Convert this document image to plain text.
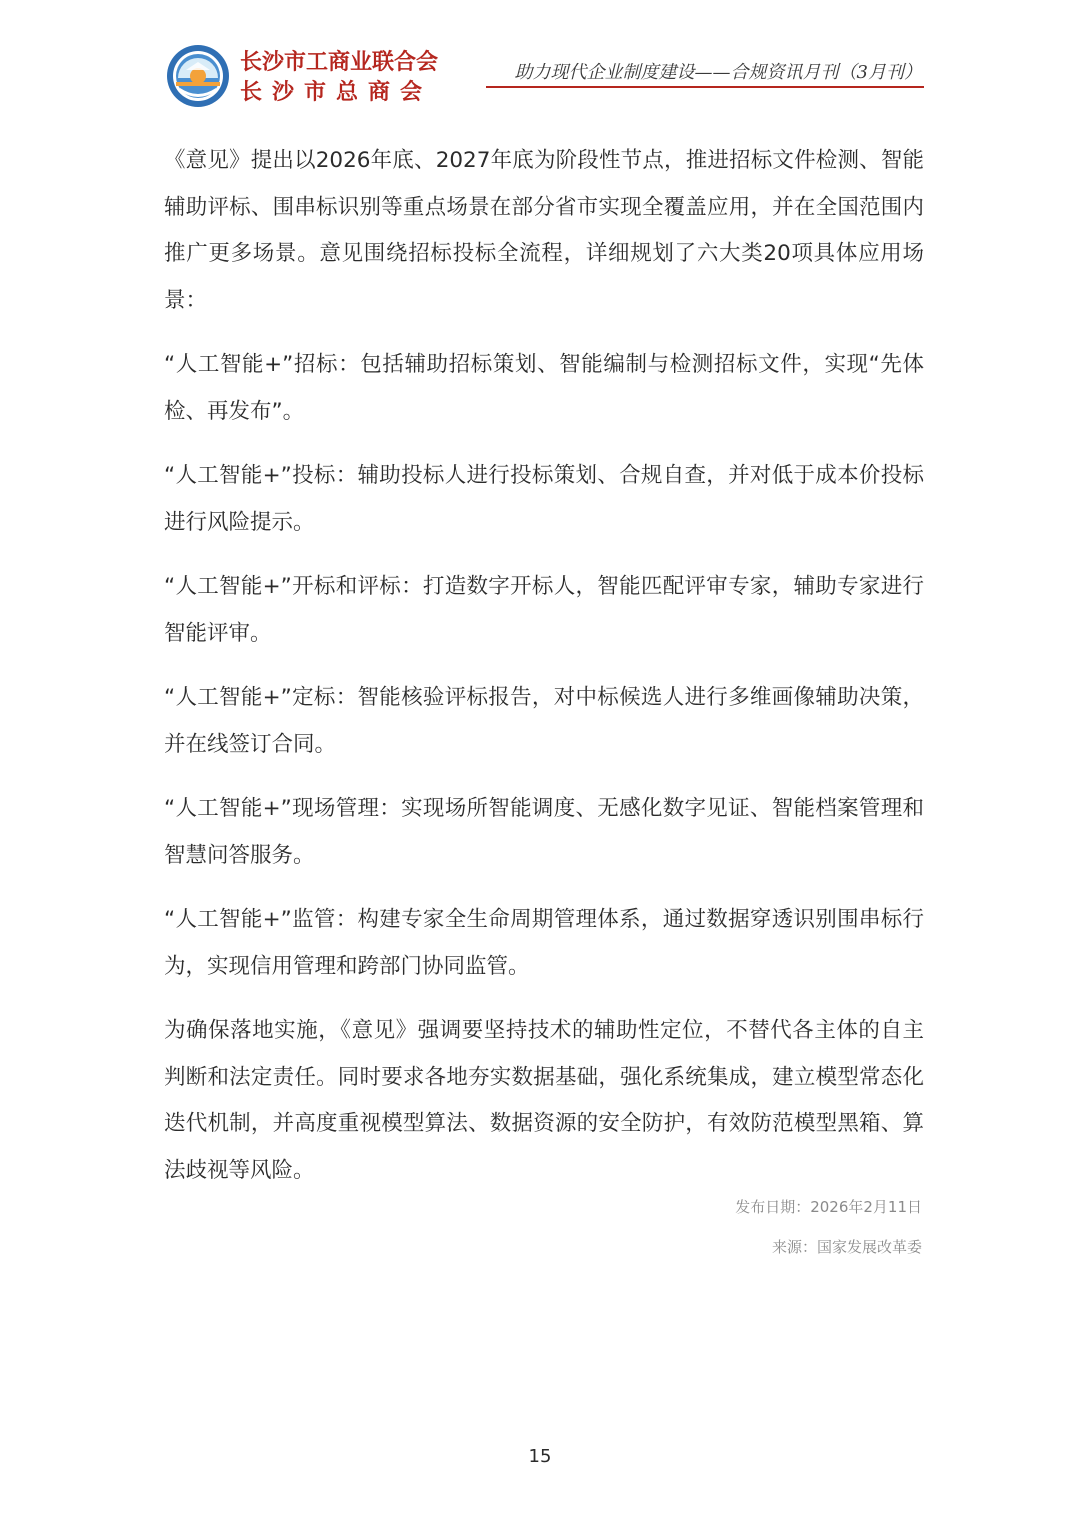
长沙市工商业联合会
长沙市总商会
助力现代企业制度建设——合规资讯月刊（3月刊）

《意见》提出以2026年底、2027年底为阶段性节点，推进招标文件检测、智能辅助评标、围串标识别等重点场景在部分省市实现全覆盖应用，并在全国范围内推广更多场景。意见围绕招标投标全流程，详细规划了六大类20项具体应用场景：

“人工智能+”招标：包括辅助招标策划、智能编制与检测招标文件，实现“先体检、再发布”。

“人工智能+”投标：辅助投标人进行投标策划、合规自查，并对低于成本价投标进行风险提示。

“人工智能+”开标和评标：打造数字开标人，智能匹配评审专家，辅助专家进行智能评审。

“人工智能+”定标：智能核验评标报告，对中标候选人进行多维画像辅助决策，并在线签订合同。

“人工智能+”现场管理：实现场所智能调度、无感化数字见证、智能档案管理和智慧问答服务。

“人工智能+”监管：构建专家全生命周期管理体系，通过数据穿透识别围串标行为，实现信用管理和跨部门协同监管。

为确保落地实施，《意见》强调要坚持技术的辅助性定位，不替代各主体的自主判断和法定责任。同时要求各地夯实数据基础，强化系统集成，建立模型常态化迭代机制，并高度重视模型算法、数据资源的安全防护，有效防范模型黑箱、算法歧视等风险。

发布日期：2026年2月11日
来源：国家发展改革委
15
